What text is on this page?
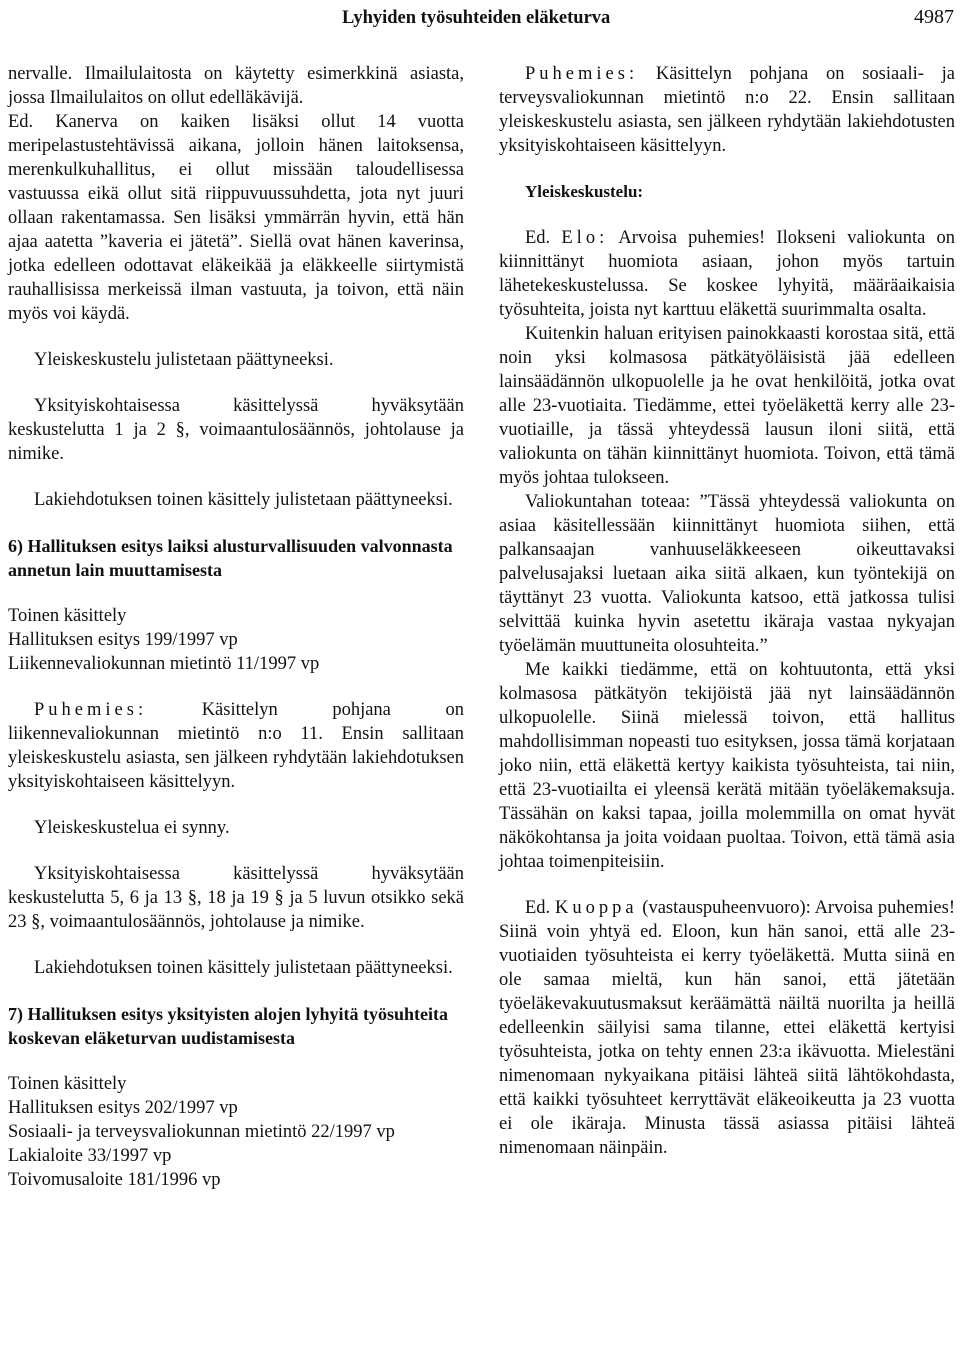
Lyhyiden työsuhteiden eläketurva	4987

nervalle. Ilmailulaitosta on käytetty esimerkkinä asiasta, jossa Ilmailulaitos on ollut edelläkävijä.

Ed. Kanerva on kaiken lisäksi ollut 14 vuotta meripelastustehtävissä aikana, jolloin hänen laitoksensa, merenkulkuhallitus, ei ollut missään taloudellisessa vastuussa eikä ollut sitä riippuvuussuhdetta, jota nyt juuri ollaan rakentamassa. Sen lisäksi ymmärrän hyvin, että hän ajaa aatetta ”kaveria ei jätetä”. Siellä ovat hänen kaverinsa, jotka edelleen odottavat eläkeikää ja eläkkeelle siirtymistä rauhallisissa merkeissä ilman vastuuta, ja toivon, että näin myös voi käydä.

Yleiskeskustelu julistetaan päättyneeksi.

Yksityiskohtaisessa käsittelyssä hyväksytään keskustelutta 1 ja 2 §, voimaantulosäännös, johtolause ja nimike.

Lakiehdotuksen toinen käsittely julistetaan päättyneeksi.

6) Hallituksen esitys laiksi alusturvallisuuden valvonnasta annetun lain muuttamisesta

Toinen käsittely

Hallituksen esitys 199/1997 vp

Liikennevaliokunnan mietintö 11/1997 vp

Puhemies: Käsittelyn pohjana on liikennevaliokunnan mietintö n:o 11. Ensin sallitaan yleiskeskustelu asiasta, sen jälkeen ryhdytään lakiehdotuksen yksityiskohtaiseen käsittelyyn.

Yleiskeskustelua ei synny.

Yksityiskohtaisessa käsittelyssä hyväksytään keskustelutta 5, 6 ja 13 §, 18 ja 19 § ja 5 luvun otsikko sekä 23 §, voimaantulosäännös, johtolause ja nimike.

Lakiehdotuksen toinen käsittely julistetaan päättyneeksi.

7) Hallituksen esitys yksityisten alojen lyhyitä työsuhteita koskevan eläketurvan uudistamisesta

Toinen käsittely

Hallituksen esitys 202/1997 vp

Sosiaali- ja terveysvaliokunnan mietintö 22/1997 vp

Lakialoite 33/1997 vp

Toivomusaloite 181/1996 vp

Puhemies: Käsittelyn pohjana on sosiaali- ja terveysvaliokunnan mietintö n:o 22. Ensin sallitaan yleiskeskustelu asiasta, sen jälkeen ryhdytään lakiehdotusten yksityiskohtaiseen käsittelyyn.

Yleiskeskustelu:

Ed. Elo: Arvoisa puhemies! Ilokseni valiokunta on kiinnittänyt huomiota asiaan, johon myös tartuin lähetekeskustelussa. Se koskee lyhyitä, määräaikaisia työsuhteita, joista nyt karttuu eläkettä suurimmalta osalta.

Kuitenkin haluan erityisen painokkaasti korostaa sitä, että noin yksi kolmasosa pätkätyöläisistä jää edelleen lainsäädännön ulkopuolelle ja he ovat henkilöitä, jotka ovat alle 23-vuotiaita. Tiedämme, ettei työeläkettä kerry alle 23-vuotiaille, ja tässä yhteydessä lausun iloni siitä, että valiokunta on tähän kiinnittänyt huomiota. Toivon, että tämä myös johtaa tulokseen.

Valiokuntahan toteaa: ”Tässä yhteydessä valiokunta on asiaa käsitellessään kiinnittänyt huomiota siihen, että palkansaajan vanhuuseläkkeeseen oikeuttavaksi palvelusajaksi luetaan aika siitä alkaen, kun työntekijä on täyttänyt 23 vuotta. Valiokunta katsoo, että jatkossa tulisi selvittää kuinka hyvin asetettu ikäraja vastaa nykyajan työelämän muuttuneita olosuhteita.”

Me kaikki tiedämme, että on kohtuutonta, että yksi kolmasosa pätkätyön tekijöistä jää nyt lainsäädännön ulkopuolelle. Siinä mielessä toivon, että hallitus mahdollisimman nopeasti tuo esityksen, jossa tämä korjataan joko niin, että eläkettä kertyy kaikista työsuhteista, tai niin, että 23-vuotiailta ei yleensä kerätä mitään työeläkemaksuja. Tässähän on kaksi tapaa, joilla molemmilla on omat hyvät näkökohtansa ja joita voidaan puoltaa. Toivon, että tämä asia johtaa toimenpiteisiin.

Ed. Kuoppa (vastauspuheenvuoro): Arvoisa puhemies! Siinä voin yhtyä ed. Eloon, kun hän sanoi, että alle 23-vuotiaiden työsuhteista ei kerry työeläkettä. Mutta siinä en ole samaa mieltä, kun hän sanoi, että jätetään työeläkevakuutusmaksut keräämättä näiltä nuorilta ja heillä edelleenkin säilyisi sama tilanne, ettei eläkettä kertyisi työsuhteista, jotka on tehty ennen 23:a ikävuotta. Mielestäni nimenomaan nykyaikana pitäisi lähteä siitä lähtökohdasta, että kaikki työsuhteet kerryttävät eläkeoikeutta ja 23 vuotta ei ole ikäraja. Minusta tässä asiassa pitäisi lähteä nimenomaan näinpäin.
